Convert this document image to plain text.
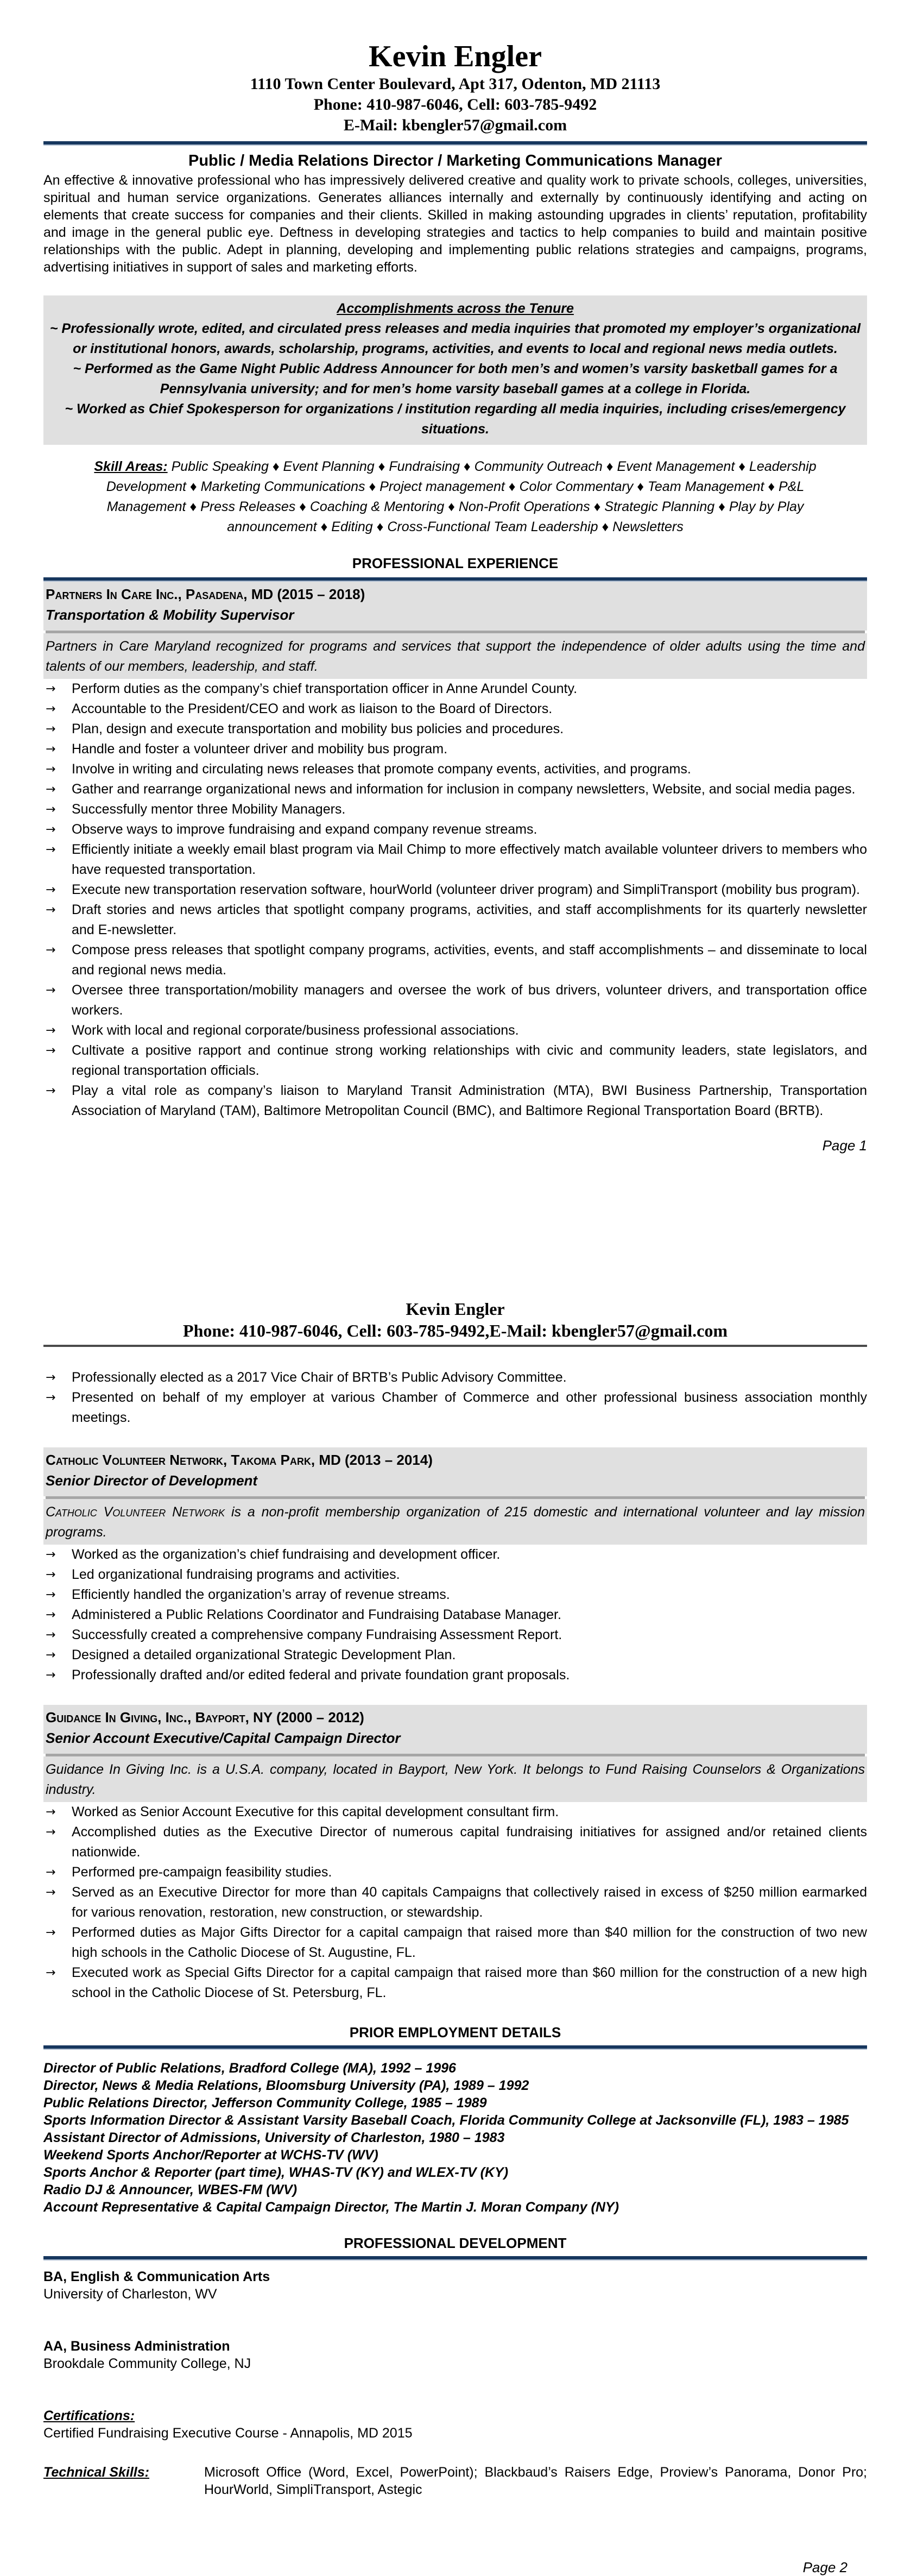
Kevin Engler
1110 Town Center Boulevard, Apt 317, Odenton, MD 21113
Phone: 410-987-6046, Cell: 603-785-9492
E-Mail: kbengler57@gmail.com
Public / Media Relations Director / Marketing Communications Manager
An effective & innovative professional who has impressively delivered creative and quality work to private schools, colleges, universities, spiritual and human service organizations. Generates alliances internally and externally by continuously identifying and acting on elements that create success for companies and their clients. Skilled in making astounding upgrades in clients’ reputation, profitability and image in the general public eye. Deftness in developing strategies and tactics to help companies to build and maintain positive relationships with the public. Adept in planning, developing and implementing public relations strategies and campaigns, programs, advertising initiatives in support of sales and marketing efforts.
Accomplishments across the Tenure
~ Professionally wrote, edited, and circulated press releases and media inquiries that promoted my employer’s organizational or institutional honors, awards, scholarship, programs, activities, and events to local and regional news media outlets.
~ Performed as the Game Night Public Address Announcer for both men’s and women’s varsity basketball games for a Pennsylvania university; and for men’s home varsity baseball games at a college in Florida.
~ Worked as Chief Spokesperson for organizations / institution regarding all media inquiries, including crises/emergency situations.
Skill Areas: Public Speaking ♦ Event Planning ♦ Fundraising ♦ Community Outreach ♦ Event Management ♦ Leadership Development ♦ Marketing Communications ♦ Project management ♦ Color Commentary ♦ Team Management ♦ P&L Management ♦ Press Releases ♦ Coaching & Mentoring ♦ Non-Profit Operations ♦ Strategic Planning ♦ Play by Play announcement ♦ Editing ♦ Cross-Functional Team Leadership ♦ Newsletters
PROFESSIONAL EXPERIENCE
Partners In Care Inc., Pasadena, MD (2015 – 2018)
Transportation & Mobility Supervisor
Partners in Care Maryland recognized for programs and services that support the independence of older adults using the time and talents of our members, leadership, and staff.
→ Perform duties as the company’s chief transportation officer in Anne Arundel County.
→ Accountable to the President/CEO and work as liaison to the Board of Directors.
→ Plan, design and execute transportation and mobility bus policies and procedures.
→ Handle and foster a volunteer driver and mobility bus program.
→ Involve in writing and circulating news releases that promote company events, activities, and programs.
→ Gather and rearrange organizational news and information for inclusion in company newsletters, Website, and social media pages.
→ Successfully mentor three Mobility Managers.
→ Observe ways to improve fundraising and expand company revenue streams.
→ Efficiently initiate a weekly email blast program via Mail Chimp to more effectively match available volunteer drivers to members who have requested transportation.
→ Execute new transportation reservation software, hourWorld (volunteer driver program) and SimpliTransport (mobility bus program).
→ Draft stories and news articles that spotlight company programs, activities, and staff accomplishments for its quarterly newsletter and E-newsletter.
→ Compose press releases that spotlight company programs, activities, events, and staff accomplishments – and disseminate to local and regional news media.
→ Oversee three transportation/mobility managers and oversee the work of bus drivers, volunteer drivers, and transportation office workers.
→ Work with local and regional corporate/business professional associations.
→ Cultivate a positive rapport and continue strong working relationships with civic and community leaders, state legislators, and regional transportation officials.
→ Play a vital role as company’s liaison to Maryland Transit Administration (MTA), BWI Business Partnership, Transportation Association of Maryland (TAM), Baltimore Metropolitan Council (BMC), and Baltimore Regional Transportation Board (BRTB).
Page 1
Kevin Engler
Phone: 410-987-6046, Cell: 603-785-9492,E-Mail: kbengler57@gmail.com
→ Professionally elected as a 2017 Vice Chair of BRTB’s Public Advisory Committee.
→ Presented on behalf of my employer at various Chamber of Commerce and other professional business association monthly meetings.
Catholic Volunteer Network, Takoma Park, MD (2013 – 2014)
Senior Director of Development
Catholic Volunteer Network is a non-profit membership organization of 215 domestic and international volunteer and lay mission programs.
→ Worked as the organization’s chief fundraising and development officer.
→ Led organizational fundraising programs and activities.
→ Efficiently handled the organization’s array of revenue streams.
→ Administered a Public Relations Coordinator and Fundraising Database Manager.
→ Successfully created a comprehensive company Fundraising Assessment Report.
→ Designed a detailed organizational Strategic Development Plan.
→ Professionally drafted and/or edited federal and private foundation grant proposals.
Guidance In Giving, Inc., Bayport, NY (2000 – 2012)
Senior Account Executive/Capital Campaign Director
Guidance In Giving Inc. is a U.S.A. company, located in Bayport, New York. It belongs to Fund Raising Counselors & Organizations industry.
→ Worked as Senior Account Executive for this capital development consultant firm.
→ Accomplished duties as the Executive Director of numerous capital fundraising initiatives for assigned and/or retained clients nationwide.
→ Performed pre-campaign feasibility studies.
→ Served as an Executive Director for more than 40 capitals Campaigns that collectively raised in excess of $250 million earmarked for various renovation, restoration, new construction, or stewardship.
→ Performed duties as Major Gifts Director for a capital campaign that raised more than $40 million for the construction of two new high schools in the Catholic Diocese of St. Augustine, FL.
→ Executed work as Special Gifts Director for a capital campaign that raised more than $60 million for the construction of a new high school in the Catholic Diocese of St. Petersburg, FL.
PRIOR EMPLOYMENT DETAILS
Director of Public Relations, Bradford College (MA), 1992 – 1996
Director, News & Media Relations, Bloomsburg University (PA), 1989 – 1992
Public Relations Director, Jefferson Community College, 1985 – 1989
Sports Information Director & Assistant Varsity Baseball Coach, Florida Community College at Jacksonville (FL), 1983 – 1985
Assistant Director of Admissions, University of Charleston, 1980 – 1983
Weekend Sports Anchor/Reporter at WCHS-TV (WV)
Sports Anchor & Reporter (part time), WHAS-TV (KY) and WLEX-TV (KY)
Radio DJ & Announcer, WBES-FM (WV)
Account Representative & Capital Campaign Director, The Martin J. Moran Company (NY)
PROFESSIONAL DEVELOPMENT
BA, English & Communication Arts
University of Charleston, WV
AA, Business Administration
Brookdale Community College, NJ
Certifications:
Certified Fundraising Executive Course - Annapolis, MD 2015
Technical Skills:	Microsoft Office (Word, Excel, PowerPoint); Blackbaud’s Raisers Edge, Proview’s Panorama, Donor Pro; HourWorld, SimpliTransport, Astegic
Page 2
